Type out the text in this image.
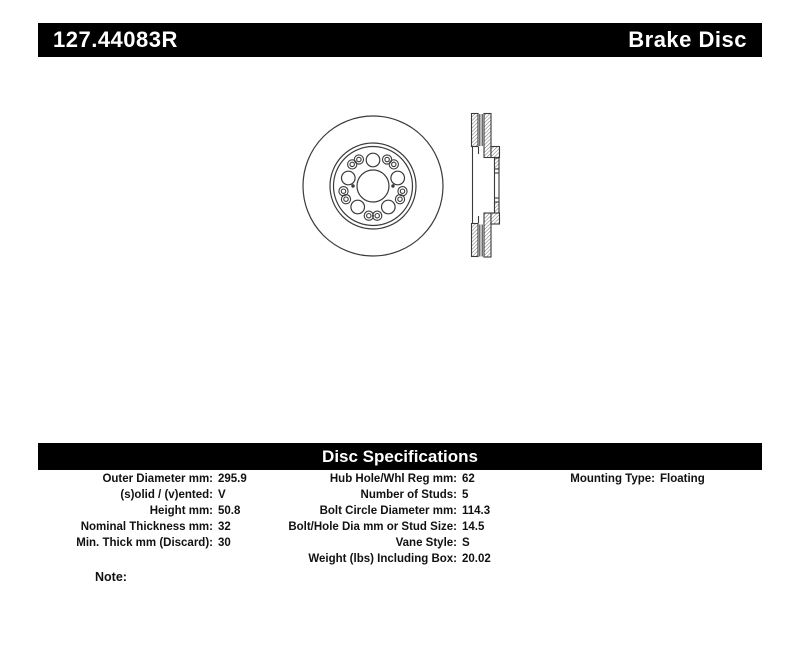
127.44083R	Brake Disc
Disc Specifications
Outer Diameter mm: 295.9
(s)olid / (v)ented: V
Height mm: 50.8
Nominal Thickness mm: 32
Min. Thick mm (Discard): 30
Hub Hole/Whl Reg mm: 62
Number of Studs: 5
Bolt Circle Diameter mm: 114.3
Bolt/Hole Dia mm or Stud Size: 14.5
Vane Style: S
Weight (lbs) Including Box: 20.02
Mounting Type: Floating
Note:
